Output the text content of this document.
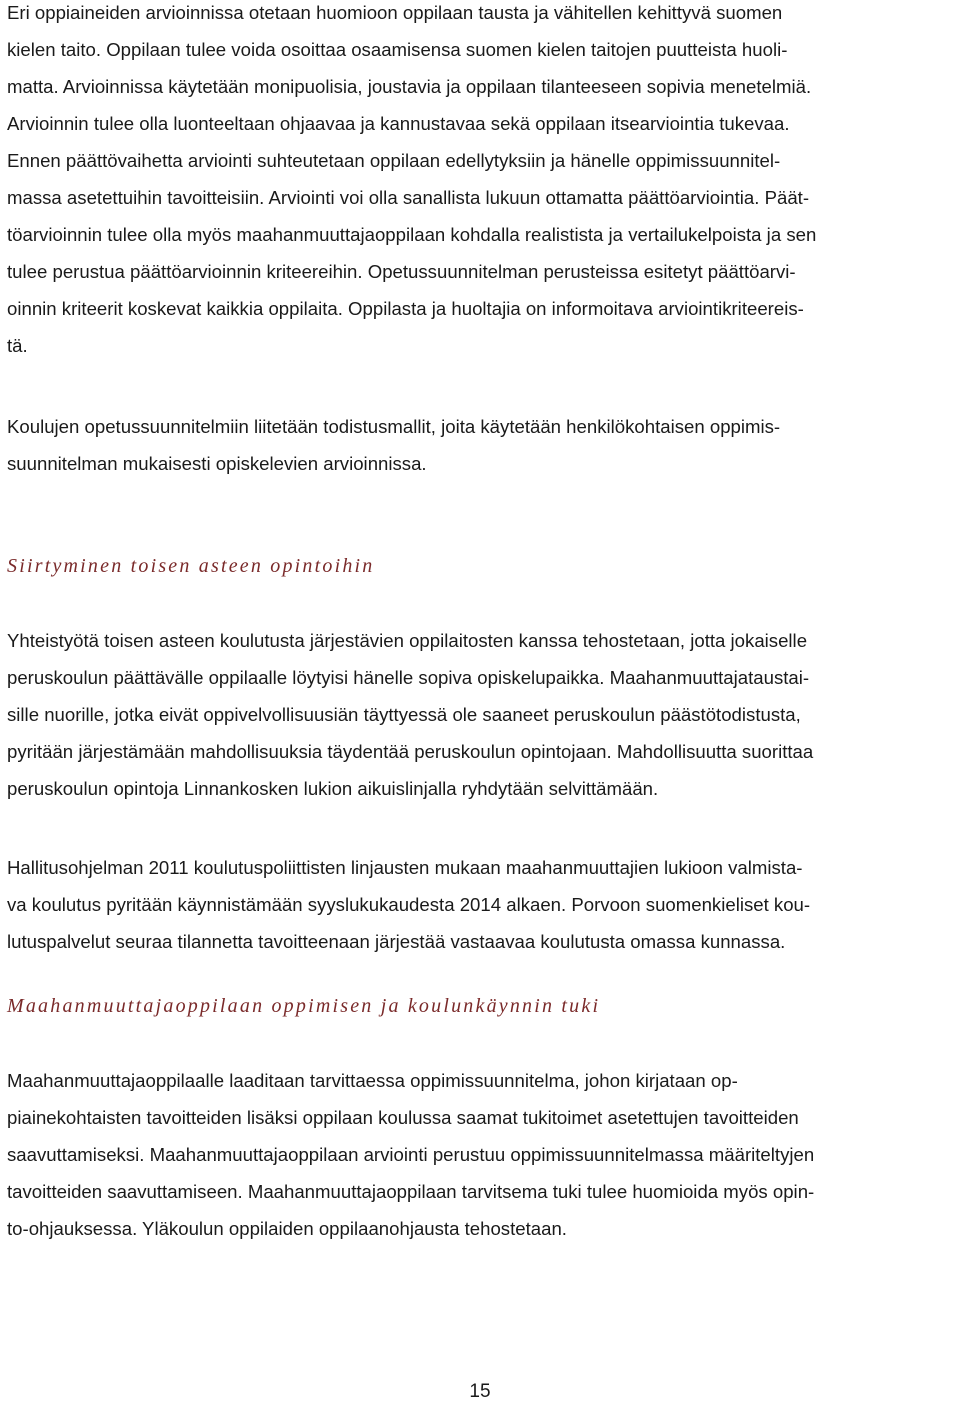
Eri oppiaineiden arvioinnissa otetaan huomioon oppilaan tausta ja vähitellen kehittyvä suomen
kielen taito. Oppilaan tulee voida osoittaa osaamisensa suomen kielen taitojen puutteista huoli-
matta. Arvioinnissa käytetään monipuolisia, joustavia ja oppilaan tilanteeseen sopivia menetelmiä.
Arvioinnin tulee olla luonteeltaan ohjaavaa ja kannustavaa sekä oppilaan itsearviointia tukevaa.
Ennen päättövaihetta arviointi suhteutetaan oppilaan edellytyksiin ja hänelle oppimissuunnitel-
massa asetettuihin tavoitteisiin. Arviointi voi olla sanallista lukuun ottamatta päättöarviointia. Päät-
töarvioinnin tulee olla myös maahanmuuttajaoppilaan kohdalla realistista ja vertailukelpoista ja sen
tulee perustua päättöarvioinnin kriteereihin. Opetussuunnitelman perusteissa esitetyt päättöarvi-
oinnin kriteerit koskevat kaikkia oppilaita. Oppilasta ja huoltajia on informoitava arviointikriteereis-
tä.
Koulujen opetussuunnitelmiin liitetään todistusmallit, joita käytetään henkilökohtaisen oppimis-
suunnitelman mukaisesti opiskelevien arvioinnissa.
Siirtyminen toisen asteen opintoihin
Yhteistyötä toisen asteen koulutusta järjestävien oppilaitosten kanssa tehostetaan, jotta jokaiselle
peruskoulun päättävälle oppilaalle löytyisi hänelle sopiva opiskelupaikka. Maahanmuuttajataustai-
sille nuorille, jotka eivät oppivelvollisuusiän täyttyessä ole saaneet peruskoulun päästötodistusta,
pyritään järjestämään mahdollisuuksia täydentää peruskoulun opintojaan. Mahdollisuutta suorittaa
peruskoulun opintoja Linnankosken lukion aikuislinjalla ryhdytään selvittämään.
Hallitusohjelman 2011 koulutuspoliittisten linjausten mukaan maahanmuuttajien lukioon valmista-
va koulutus pyritään käynnistämään syyslukukaudesta 2014 alkaen. Porvoon suomenkieliset kou-
lutuspalvelut seuraa tilannetta tavoitteenaan järjestää vastaavaa koulutusta omassa kunnassa.
Maahanmuuttajaoppilaan oppimisen ja koulunkäynnin tuki
Maahanmuuttajaoppilaalle laaditaan tarvittaessa oppimissuunnitelma, johon kirjataan op-
piainekohtaisten tavoitteiden lisäksi oppilaan koulussa saamat tukitoimet asetettujen tavoitteiden
saavuttamiseksi. Maahanmuuttajaoppilaan arviointi perustuu oppimissuunnitelmassa määriteltyjen
tavoitteiden saavuttamiseen. Maahanmuuttajaoppilaan tarvitsema tuki tulee huomioida myös opin-
to-ohjauksessa. Yläkoulun oppilaiden oppilaanohjausta tehostetaan.
15
